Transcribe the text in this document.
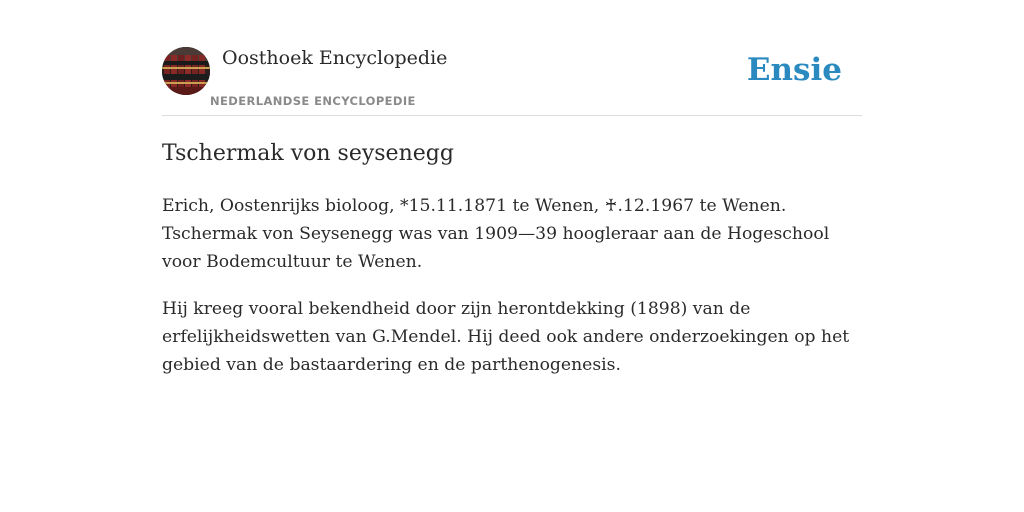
Oosthoek Encyclopedie
NEDERLANDSE ENCYCLOPEDIE
Ensie
Tschermak von seysenegg

Erich, Oostenrijks bioloog, *15.11.1871 te Wenen, ♰.12.1967 te Wenen. Tschermak von Seysenegg was van 1909—39 hoogleraar aan de Hogeschool voor Bodemcultuur te Wenen.

Hij kreeg vooral bekendheid door zijn herontdekking (1898) van de erfelijkheidswetten van G.Mendel. Hij deed ook andere onderzoekingen op het gebied van de bastaardering en de parthenogenesis.
